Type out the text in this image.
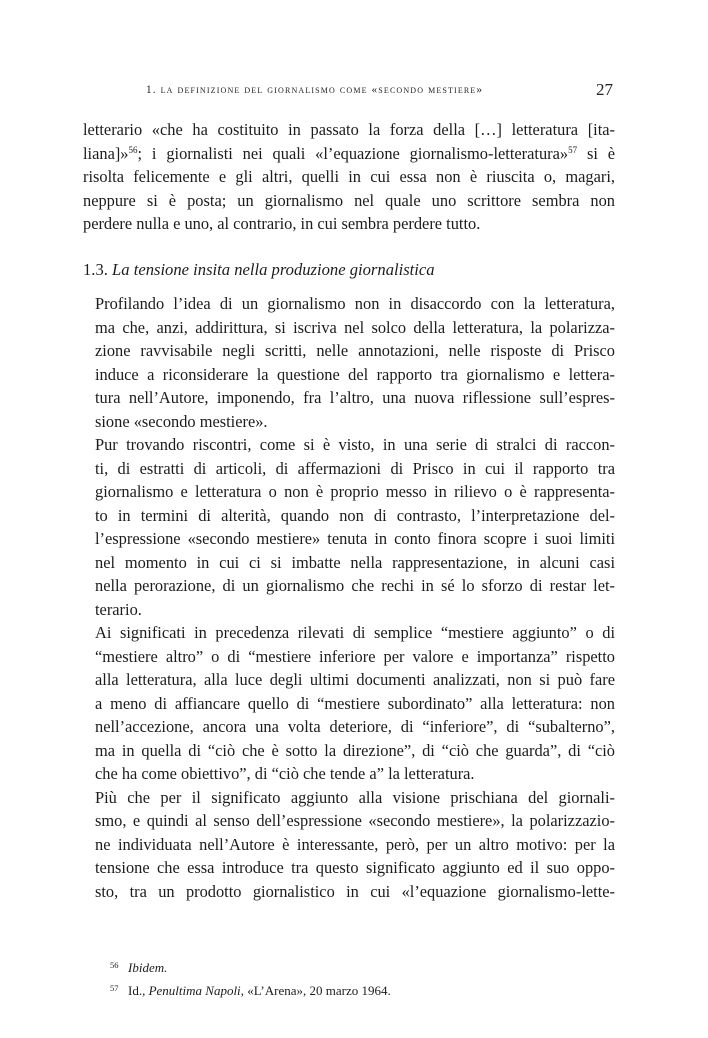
1. la definizione del giornalismo come «secondo mestiere»	27
letterario «che ha costituito in passato la forza della […] letteratura [ita-
liana]»$^{56}$; i giornalisti nei quali «l’equazione giornalismo-letteratura»$^{57}$ si è
risolta felicemente e gli altri, quelli in cui essa non è riuscita o, magari,
neppure si è posta; un giornalismo nel quale uno scrittore sembra non
perdere nulla e uno, al contrario, in cui sembra perdere tutto.
1.3. La tensione insita nella produzione giornalistica

Profilando l’idea di un giornalismo non in disaccordo con la letteratura,
ma che, anzi, addirittura, si iscriva nel solco della letteratura, la polarizza-
zione ravvisabile negli scritti, nelle annotazioni, nelle risposte di Prisco
induce a riconsiderare la questione del rapporto tra giornalismo e lettera-
tura nell’Autore, imponendo, fra l’altro, una nuova riflessione sull’espres-
sione «secondo mestiere».

Pur trovando riscontri, come si è visto, in una serie di stralci di raccon-
ti, di estratti di articoli, di affermazioni di Prisco in cui il rapporto tra
giornalismo e letteratura o non è proprio messo in rilievo o è rappresenta-
to in termini di alterità, quando non di contrasto, l’interpretazione del-
l’espressione «secondo mestiere» tenuta in conto finora scopre i suoi limiti
nel momento in cui ci si imbatte nella rappresentazione, in alcuni casi
nella perorazione, di un giornalismo che rechi in sé lo sforzo di restar let-
terario.

Ai significati in precedenza rilevati di semplice “mestiere aggiunto” o di
“mestiere altro” o di “mestiere inferiore per valore e importanza” rispetto
alla letteratura, alla luce degli ultimi documenti analizzati, non si può fare
a meno di affiancare quello di “mestiere subordinato” alla letteratura: non
nell’accezione, ancora una volta deteriore, di “inferiore”, di “subalterno”,
ma in quella di “ciò che è sotto la direzione”, di “ciò che guarda”, di “ciò
che ha come obiettivo”, di “ciò che tende a” la letteratura.

Più che per il significato aggiunto alla visione prischiana del giornali-
smo, e quindi al senso dell’espressione «secondo mestiere», la polarizzazio-
ne individuata nell’Autore è interessante, però, per un altro motivo: per la
tensione che essa introduce tra questo significato aggiunto ed il suo oppo-
sto, tra un prodotto giornalistico in cui «l’equazione giornalismo-lette-

56 Ibidem.
57 Id., Penultima Napoli, «L’Arena», 20 marzo 1964.
